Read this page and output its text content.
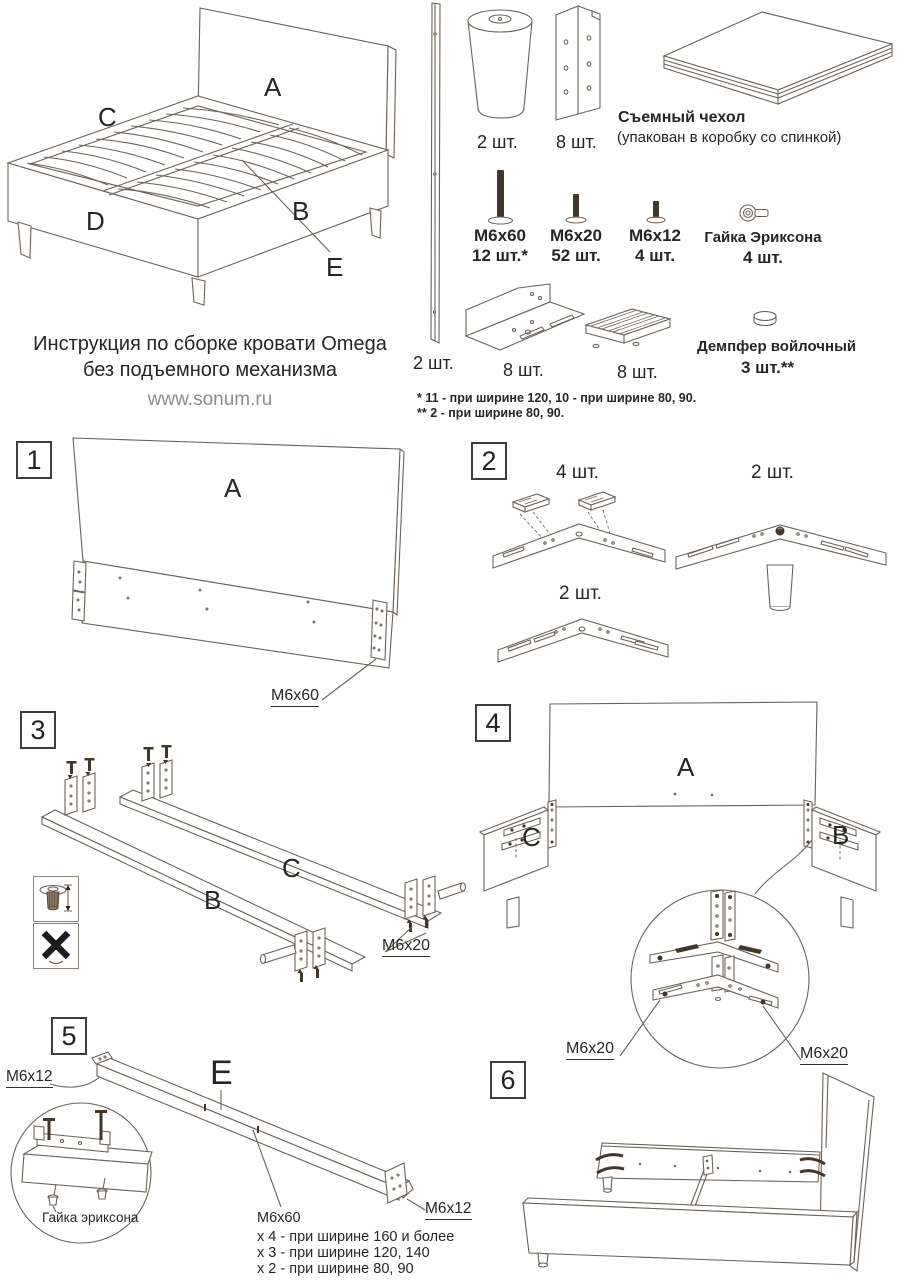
A
C
D	B
E
Инструкция по сборке кровати Omega
без подъемного механизма
www.sonum.ru
2 шт.
2 шт. 8 шт.
Съемный чехол
(упакован в коробку со спинкой)
M6x60
12 шт.*
M6x20
52 шт.
M6x12
4 шт.
Гайка Эриксона
4 шт.
8 шт.	8 шт.
Демпфер войлочный
3 шт.**
* 11 - при ширине 120, 10 - при ширине 80, 90.
** 2 - при ширине 80, 90.
1
A
M6x60
2	4 шт.	2 шт.
2 шт.
3
C
B
M6x20
4
A
C	B
M6x20	M6x20
5
M6x12	E
Гайка эриксона
M6x12
M6x60
х 4 - при ширине 160 и более
х 3 - при ширине 120, 140
х 2 - при ширине 80, 90
6
